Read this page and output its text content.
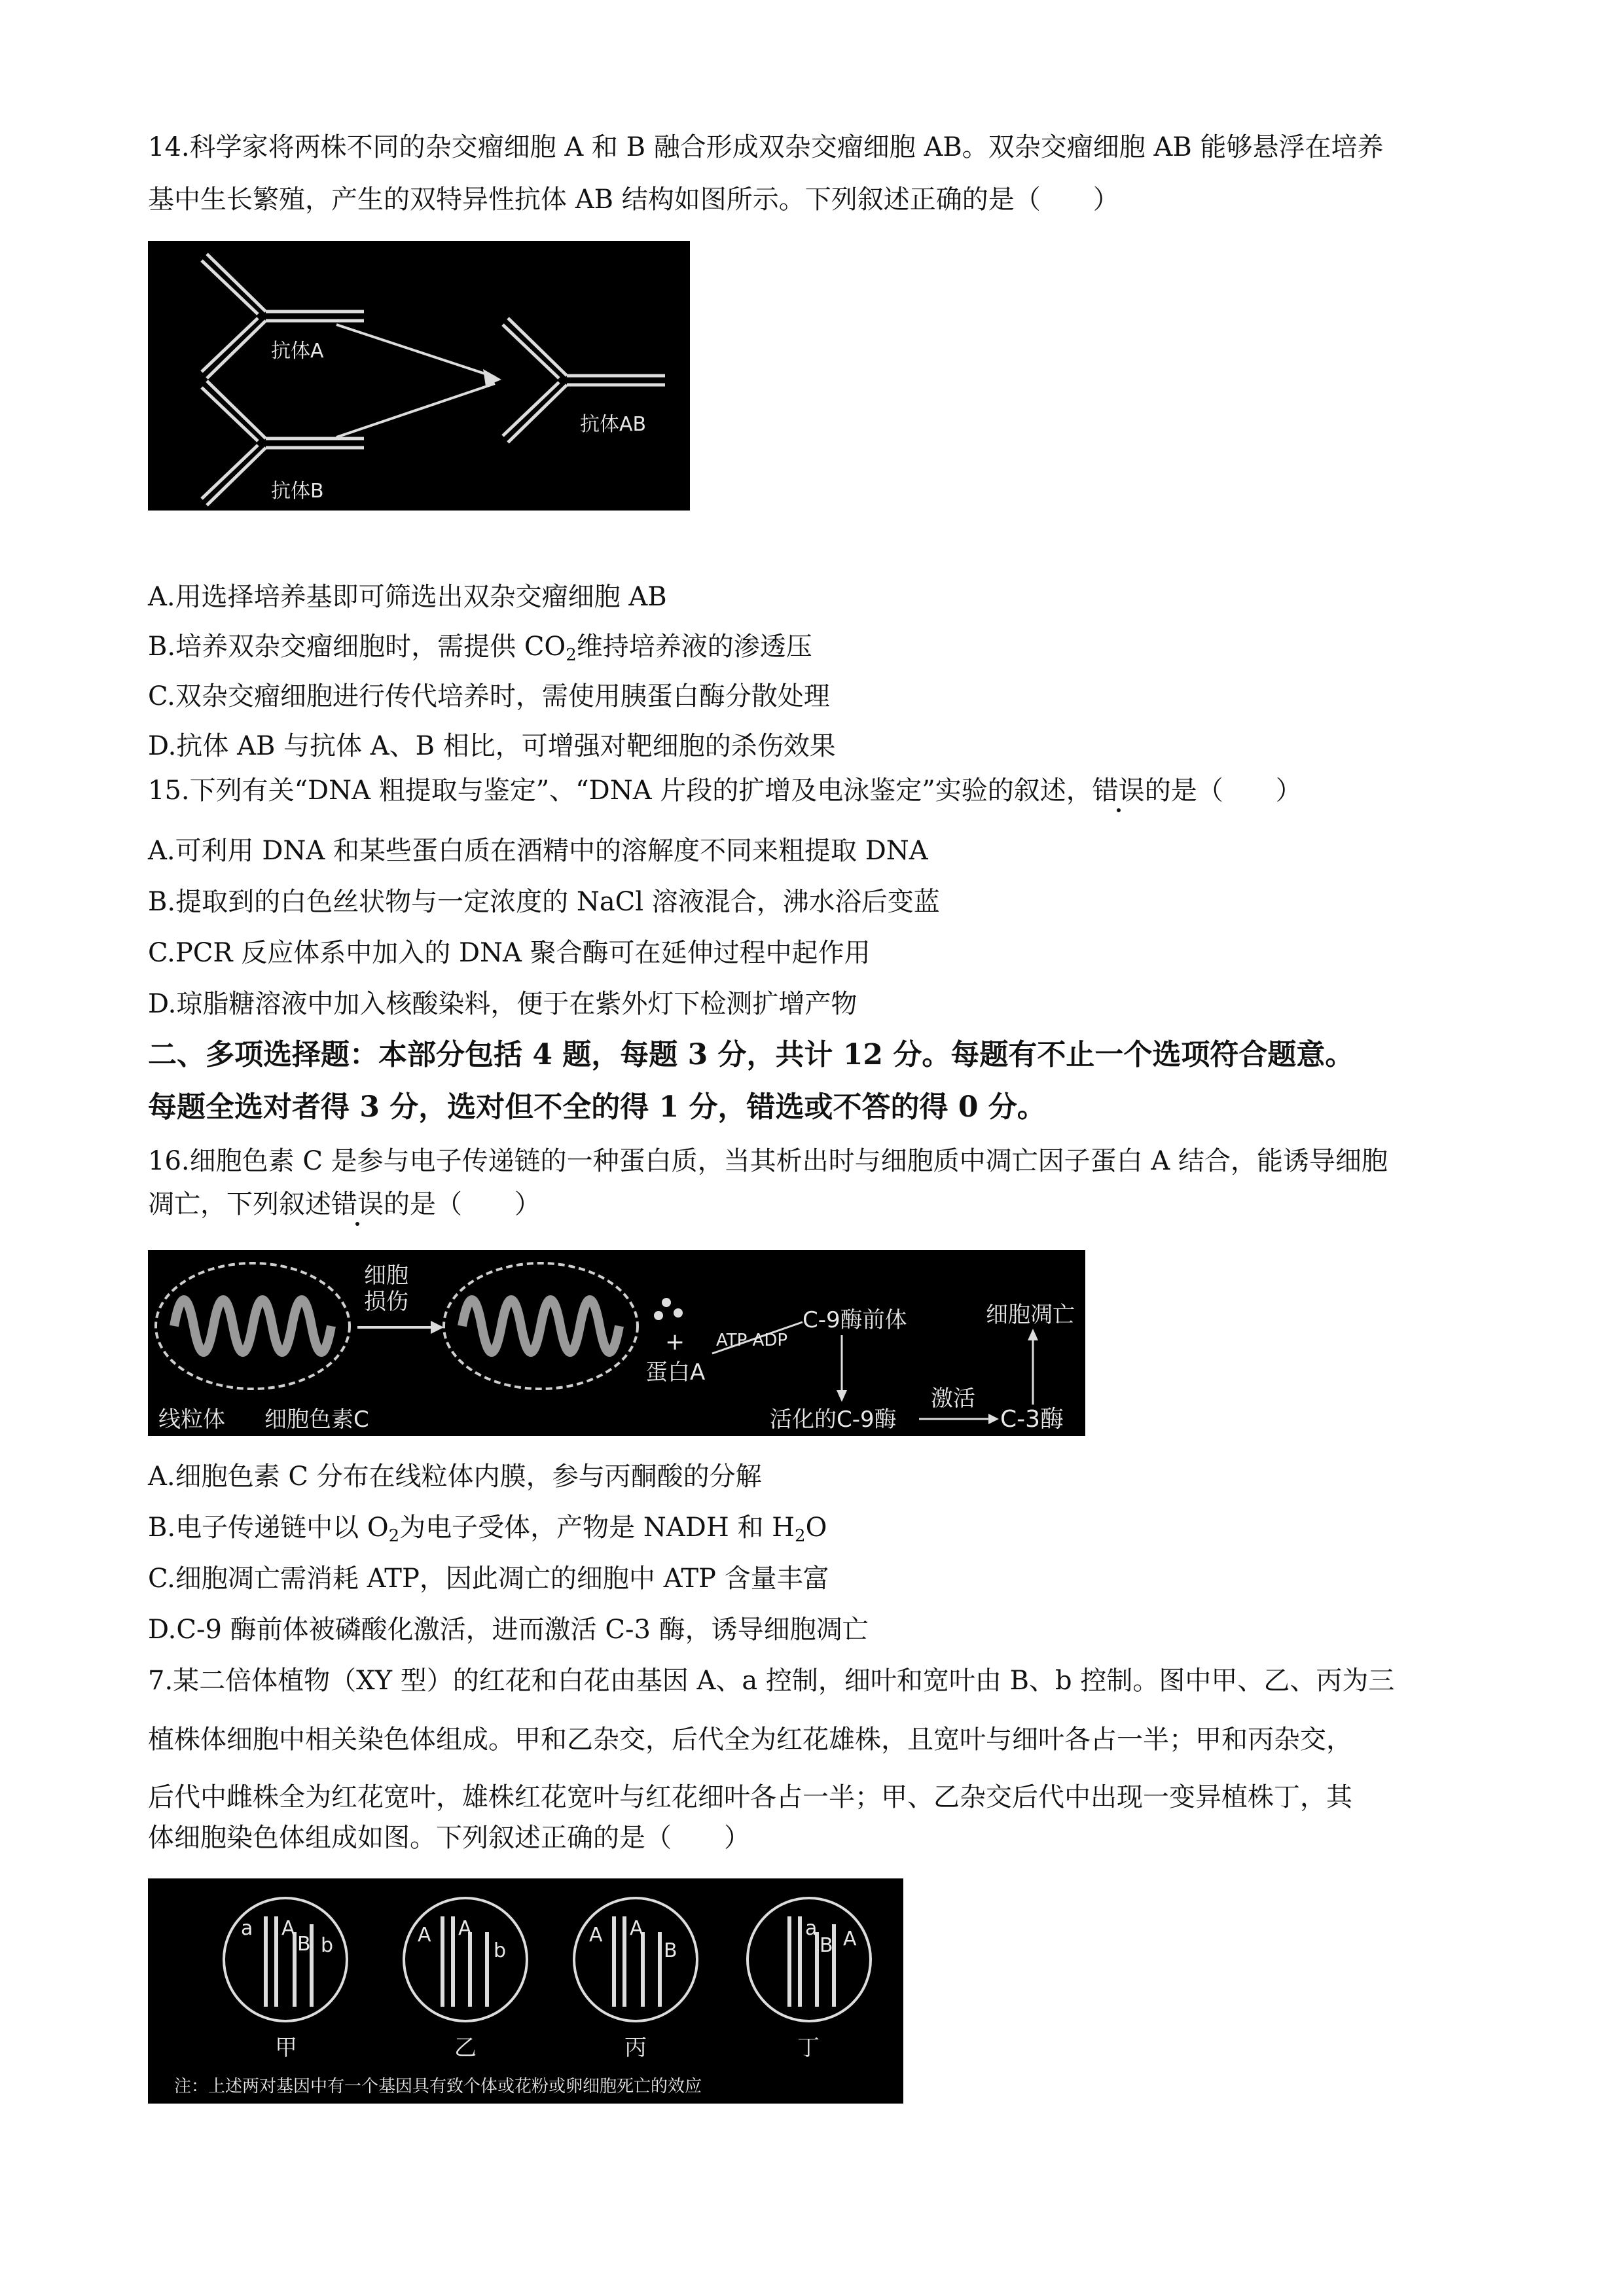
14.科学家将两株不同的杂交瘤细胞 A 和 B 融合形成双杂交瘤细胞 AB。双杂交瘤细胞 AB 能够悬浮在培养
基中生长繁殖，产生的双特异性抗体 AB 结构如图所示。下列叙述正确的是（　　）
抗体A
抗体B
抗体AB
A.用选择培养基即可筛选出双杂交瘤细胞 AB
B.培养双杂交瘤细胞时，需提供 $CO_2$维持培养液的渗透压
C.双杂交瘤细胞进行传代培养时，需使用胰蛋白酶分散处理
D.抗体 AB 与抗体 A、B 相比，可增强对靶细胞的杀伤效果
15.下列有关“DNA 粗提取与鉴定”、“DNA 片段的扩增及电泳鉴定”实验的叙述，错误的是（　　）
A.可利用 DNA 和某些蛋白质在酒精中的溶解度不同来粗提取 DNA
B.提取到的白色丝状物与一定浓度的 NaCl 溶液混合，沸水浴后变蓝
C.PCR 反应体系中加入的 DNA 聚合酶可在延伸过程中起作用
D.琼脂糖溶液中加入核酸染料，便于在紫外灯下检测扩增产物
二、多项选择题：本部分包括 4 题，每题 3 分，共计 12 分。每题有不止一个选项符合题意。
每题全选对者得 3 分，选对但不全的得 1 分，错选或不答的得 0 分。
16.细胞色素 C 是参与电子传递链的一种蛋白质，当其析出时与细胞质中凋亡因子蛋白 A 结合，能诱导细胞
凋亡，下列叙述错误的是（　　）
细胞
损伤
+
蛋白A
ATP ADP
C-9酶前体
活化的C-9酶
激活
C-3酶
细胞凋亡
线粒体 细胞色素C
A.细胞色素 C 分布在线粒体内膜，参与丙酮酸的分解
B.电子传递链中以 $O_2$为电子受体，产物是 NADH 和 $H_2O$
C.细胞凋亡需消耗 ATP，因此凋亡的细胞中 ATP 含量丰富
D.C-9 酶前体被磷酸化激活，进而激活 C-3 酶，诱导细胞凋亡
7.某二倍体植物（XY 型）的红花和白花由基因 A、a 控制，细叶和宽叶由 B、b 控制。图中甲、乙、丙为三
植株体细胞中相关染色体组成。甲和乙杂交，后代全为红花雄株，且宽叶与细叶各占一半；甲和丙杂交，
后代中雌株全为红花宽叶，雄株红花宽叶与红花细叶各占一半；甲、乙杂交后代中出现一变异植株丁，其
体细胞染色体组成如图。下列叙述正确的是（　　）
a A
B b	A A
b
A A
B
a
B A
甲	乙	丙	丁
注：上述两对基因中有一个基因具有致个体或花粉或卵细胞死亡的效应
